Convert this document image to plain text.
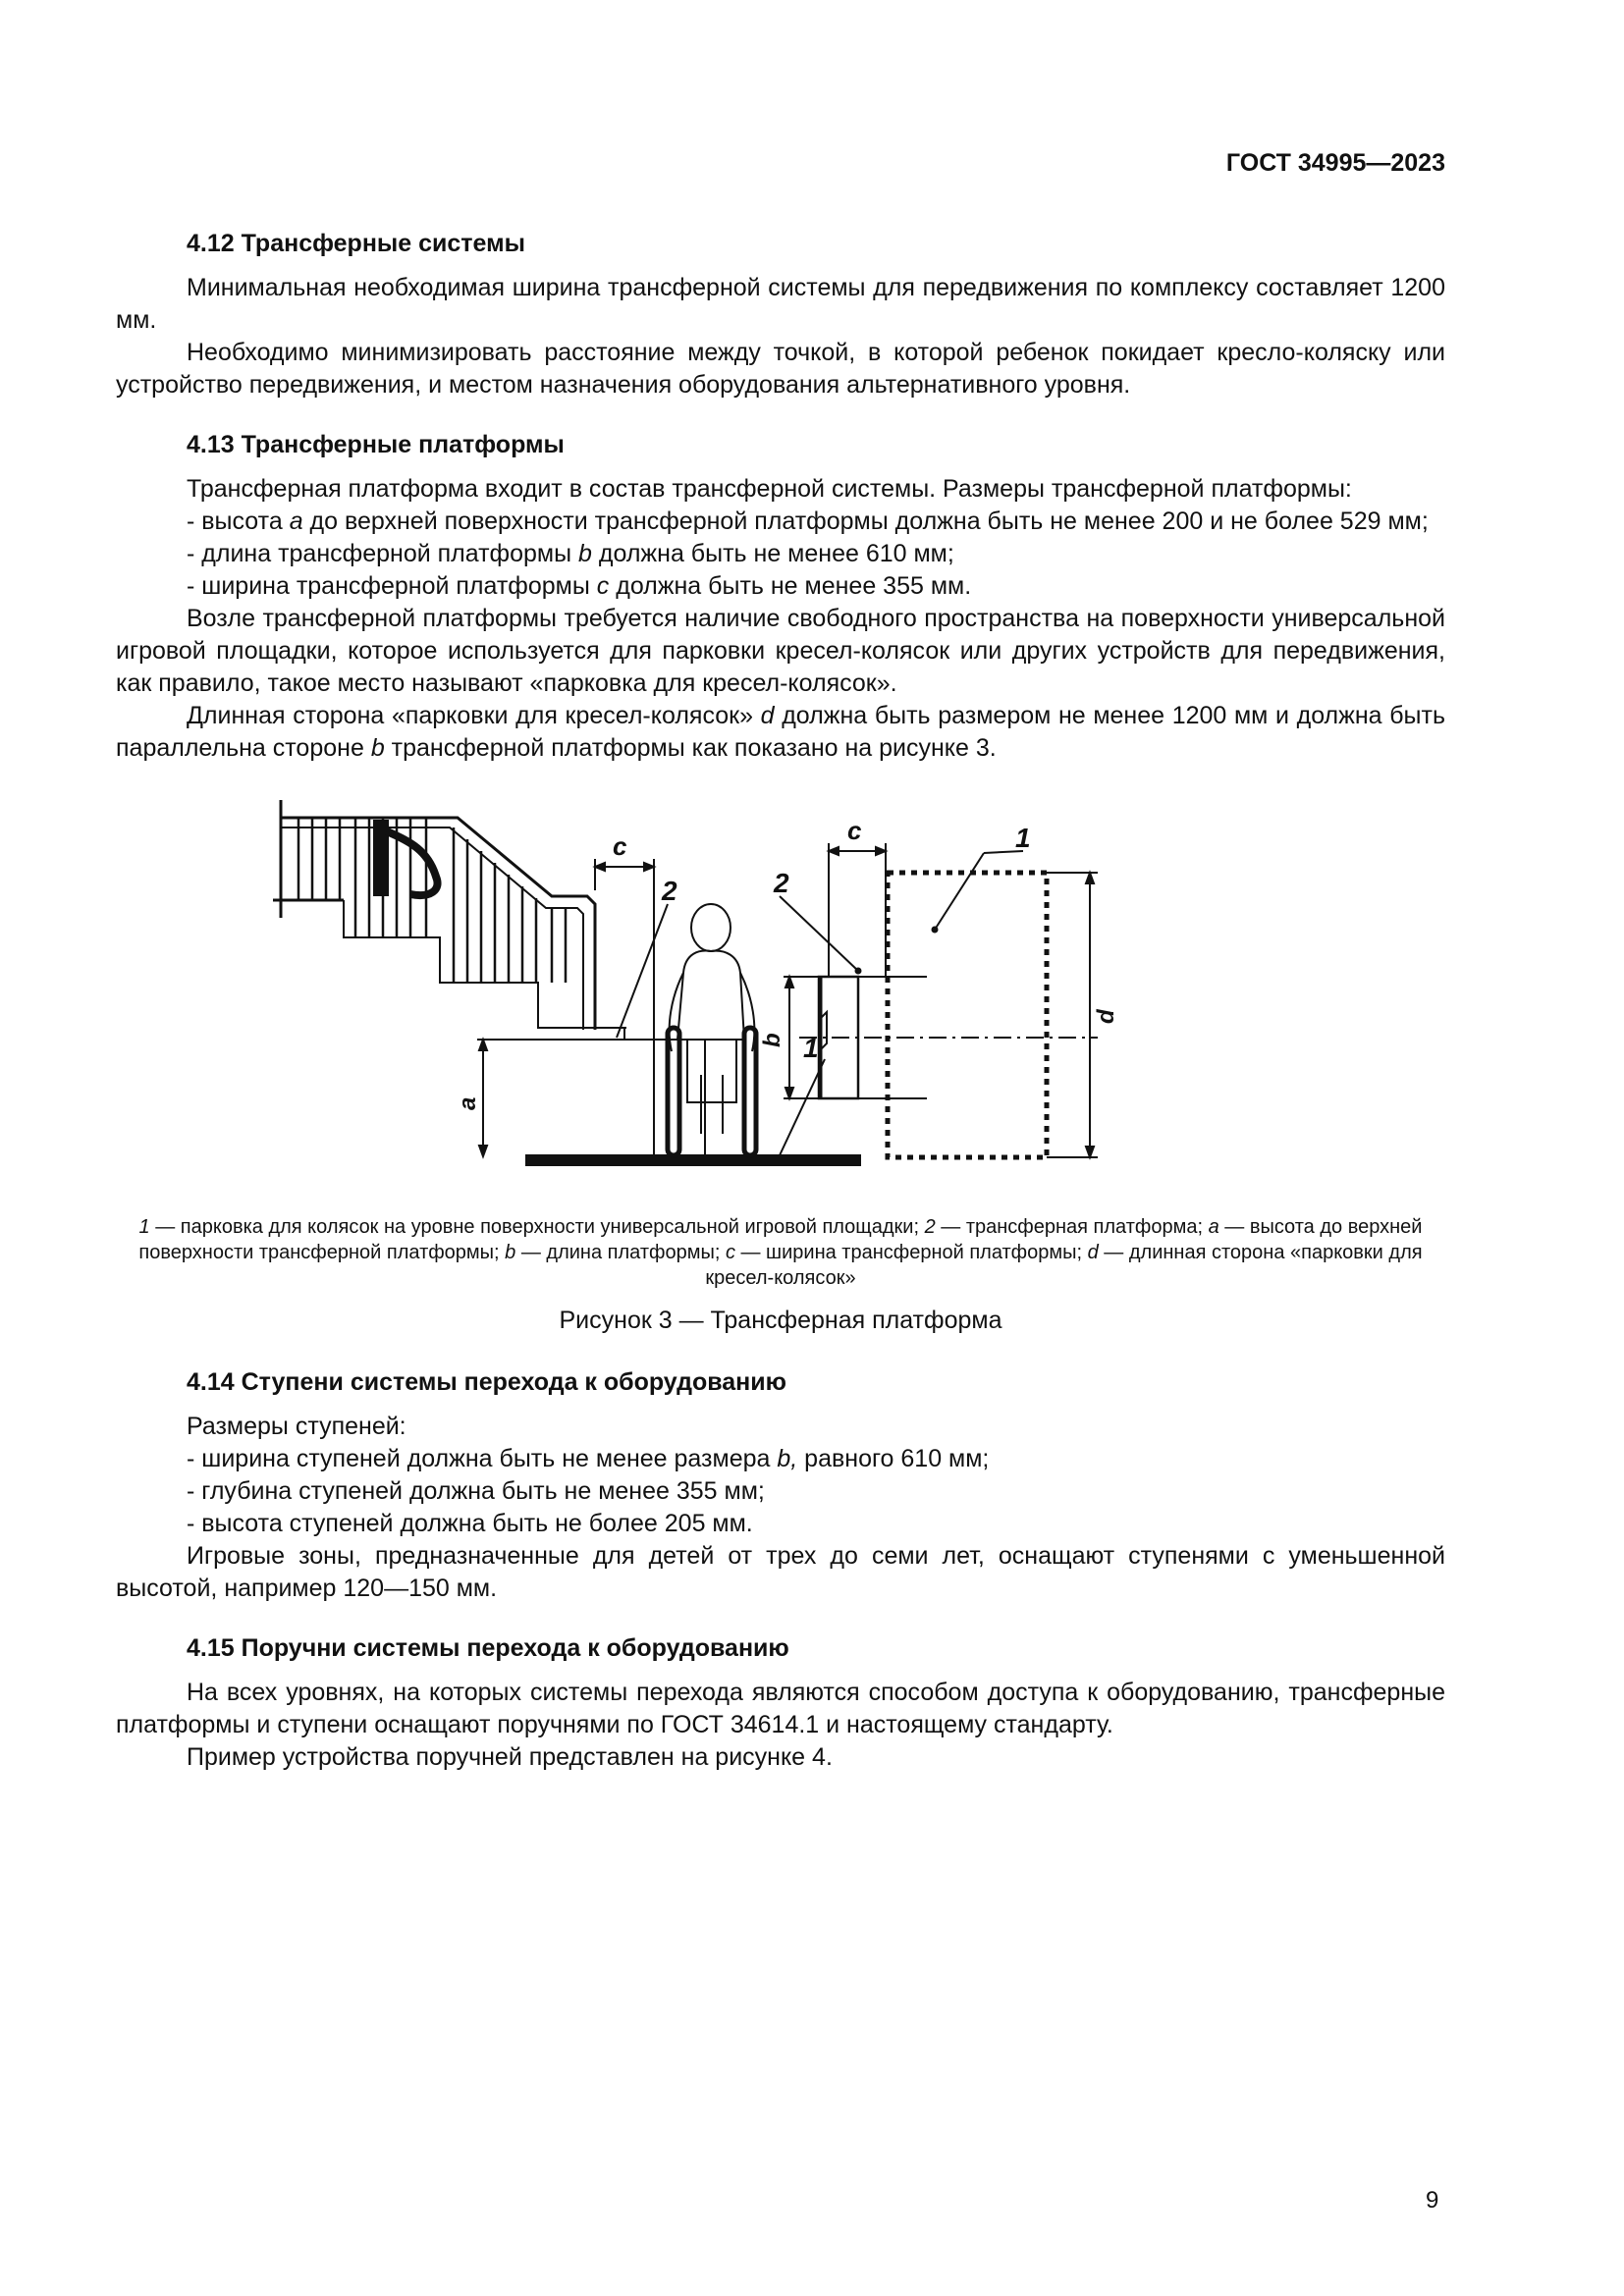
ГОСТ 34995—2023
4.12 Трансферные системы

Минимальная необходимая ширина трансферной системы для передвижения по комплексу составляет 1200 мм.

Необходимо минимизировать расстояние между точкой, в которой ребенок покидает кресло-коляску или устройство передвижения, и местом назначения оборудования альтернативного уровня.

4.13 Трансферные платформы

Трансферная платформа входит в состав трансферной системы. Размеры трансферной платформы:

- высота a до верхней поверхности трансферной платформы должна быть не менее 200 и не более 529 мм;

- длина трансферной платформы b должна быть не менее 610 мм;

- ширина трансферной платформы c должна быть не менее 355 мм.

Возле трансферной платформы требуется наличие свободного пространства на поверхности универсальной игровой площадки, которое используется для парковки кресел-колясок или других устройств для передвижения, как правило, такое место называют «парковка для кресел-колясок».

Длинная сторона «парковки для кресел-колясок» d должна быть размером не менее 1200 мм и должна быть параллельна стороне b трансферной платформы как показано на рисунке 3.

c
2
1
a
c
2
1
b
d

1 — парковка для колясок на уровне поверхности универсальной игровой площадки; 2 — трансферная платформа; a — высота до верхней поверхности трансферной платформы; b — длина платформы; c — ширина трансферной платформы; d — длинная сторона «парковки для кресел-колясок»

Рисунок 3 — Трансферная платформа

4.14 Ступени системы перехода к оборудованию

Размеры ступеней:

- ширина ступеней должна быть не менее размера b, равного 610 мм;

- глубина ступеней должна быть не менее 355 мм;

- высота ступеней должна быть не более 205 мм.

Игровые зоны, предназначенные для детей от трех до семи лет, оснащают ступенями с уменьшенной высотой, например 120—150 мм.

4.15 Поручни системы перехода к оборудованию

На всех уровнях, на которых системы перехода являются способом доступа к оборудованию, трансферные платформы и ступени оснащают поручнями по ГОСТ 34614.1 и настоящему стандарту.

Пример устройства поручней представлен на рисунке 4.

9
